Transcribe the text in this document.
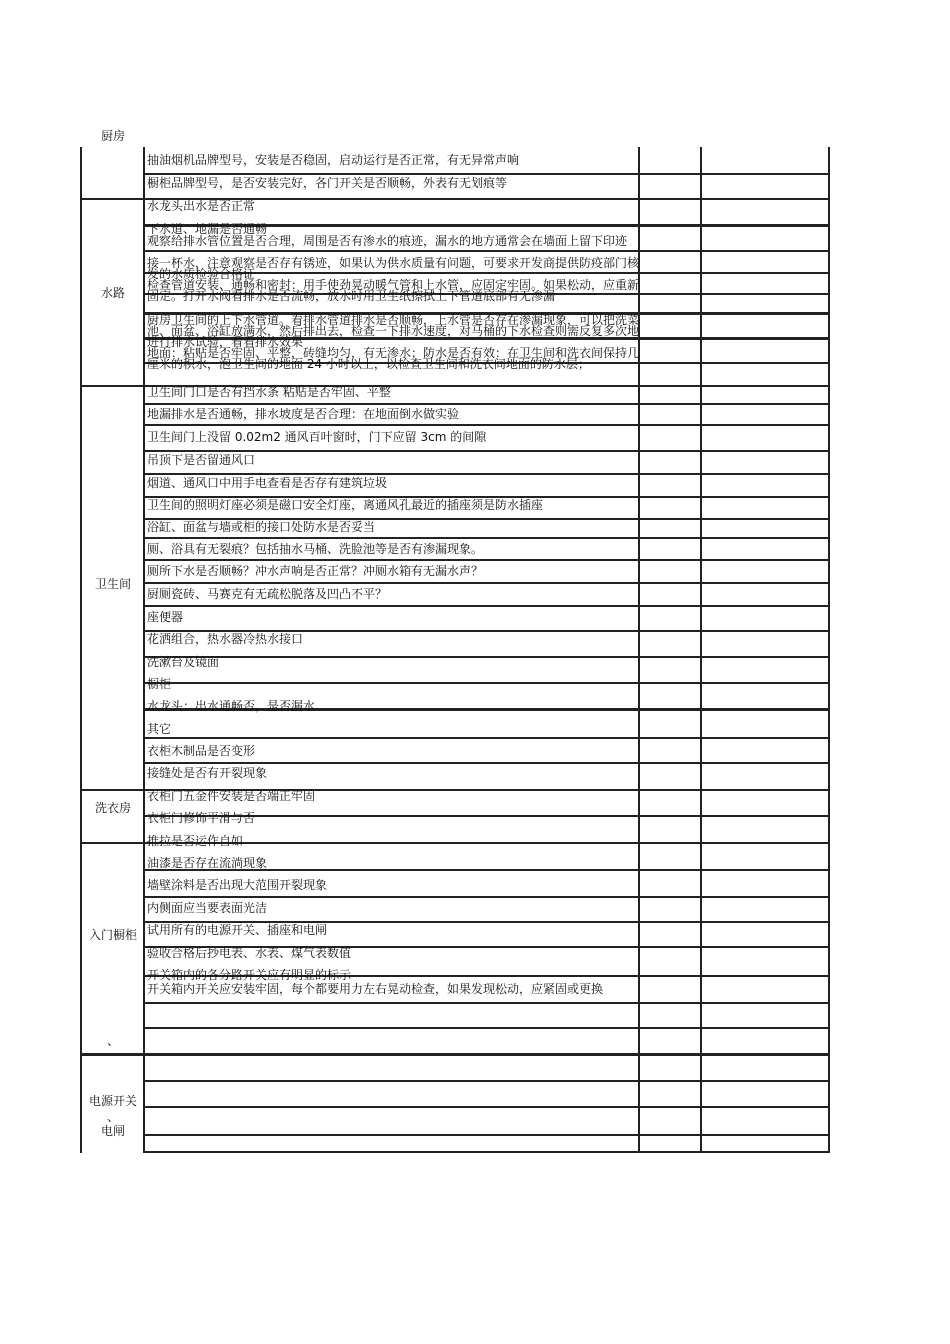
厨房
水路
卫生间
洗衣房
入门橱柜
、
电源开关
、
电闸
抽油烟机品牌型号，安装是否稳固，启动运行是否正常，有无异常声响
橱柜品牌型号，是否安装完好，各门开关是否顺畅，外表有无划痕等
水龙头出水是否正常
下水道、地漏是否通畅
观察给排水管位置是否合理，周围是否有渗水的痕迹，漏水的地方通常会在墙面上留下印迹
接一杯水，注意观察是否存有锈迹，如果认为供水质量有问题，可要求开发商提供防疫部门核发的水质检验合格证
检查管道安装、通畅和密封：用手使劲晃动暖气管和上水管，应固定牢固。如果松动，应重新固定。打开水阀看排水是否流畅，放水时用卫生纸擦拭上下管道底部有无渗漏
厨房卫生间的上下水管道。看排水管道排水是否顺畅，上水管是否存在渗漏现象，可以把洗菜池、面盆、浴缸放满水，然后排出去，检查一下排水速度，对马桶的下水检查则需反复多次地进行排水试验，看看排水效果
地面：粘贴是否牢固、平整，砖缝均匀，有无渗水；防水是否有效：在卫生间和洗衣间保持几厘米的积水，泡卫生间的地面 24 小时以上，以检查卫生间和洗衣间地面的防水层；
卫生间门口是否有挡水条 粘贴是否牢固、平整
地漏排水是否通畅，排水坡度是否合理：在地面倒水做实验
卫生间门上没留 0.02m2 通风百叶窗时，门下应留 3cm 的间隙
吊顶下是否留通风口
烟道、通风口中用手电查看是否存有建筑垃圾
卫生间的照明灯座必须是磁口安全灯座，离通风孔最近的插座须是防水插座
浴缸、面盆与墙或柜的接口处防水是否妥当
厕、浴具有无裂痕？包括抽水马桶、洗脸池等是否有渗漏现象。
厕所下水是否顺畅？冲水声响是否正常？冲厕水箱有无漏水声？
厨厕瓷砖、马赛克有无疏松脱落及凹凸不平？
座便器
花洒组合，热水器冷热水接口
洗漱台及镜面
橱柜
水龙头：出水通畅否，是否漏水
其它
衣柜木制品是否变形
接缝处是否有开裂现象
衣柜门五金件安装是否端正牢固
衣柜门修饰平滑与否
推拉是否运作自如
油漆是否存在流淌现象
墙壁涂料是否出现大范围开裂现象
内侧面应当要表面光洁
试用所有的电源开关、插座和电闸
验收合格后抄电表、水表、煤气表数值
开关箱内的各分路开关应有明显的标示
开关箱内开关应安装牢固，每个都要用力左右晃动检查，如果发现松动，应紧固或更换
